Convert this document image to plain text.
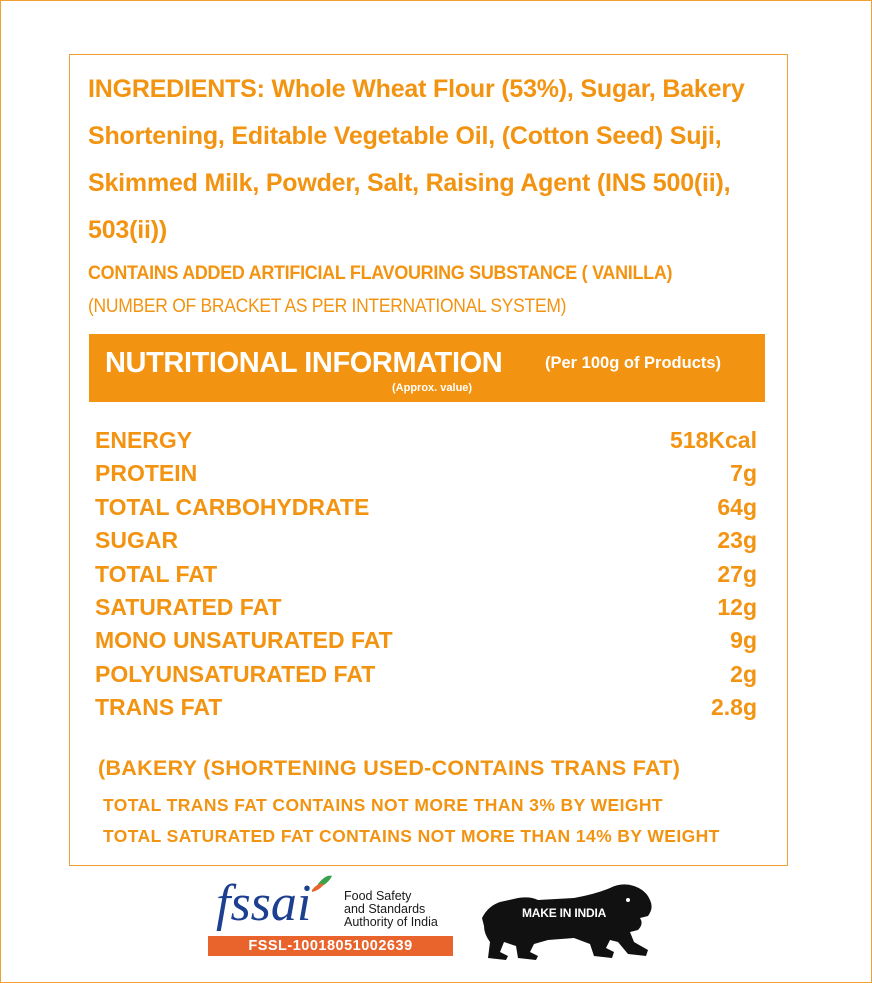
INGREDIENTS: Whole Wheat Flour (53%), Sugar, Bakery Shortening, Editable Vegetable Oil, (Cotton Seed) Suji, Skimmed Milk, Powder, Salt, Raising Agent (INS 500(ii), 503(ii))
CONTAINS ADDED ARTIFICIAL FLAVOURING SUBSTANCE ( VANILLA)
(NUMBER OF BRACKET AS PER INTERNATIONAL SYSTEM)
NUTRITIONAL INFORMATION	(Per 100g of Products)
(Approx. value)
ENERGY	518Kcal
PROTEIN	7g
TOTAL CARBOHYDRATE	64g
SUGAR	23g
TOTAL FAT	27g
SATURATED FAT	12g
MONO UNSATURATED FAT	9g
POLYUNSATURATED FAT	2g
TRANS FAT	2.8g
(BAKERY (SHORTENING USED-CONTAINS TRANS FAT)
TOTAL TRANS FAT CONTAINS NOT MORE THAN 3% BY WEIGHT
TOTAL SATURATED FAT CONTAINS NOT MORE THAN 14% BY WEIGHT
fssai	Food Safety
and Standards
Authority of India
FSSL-10018051002639
MAKE IN INDIA
